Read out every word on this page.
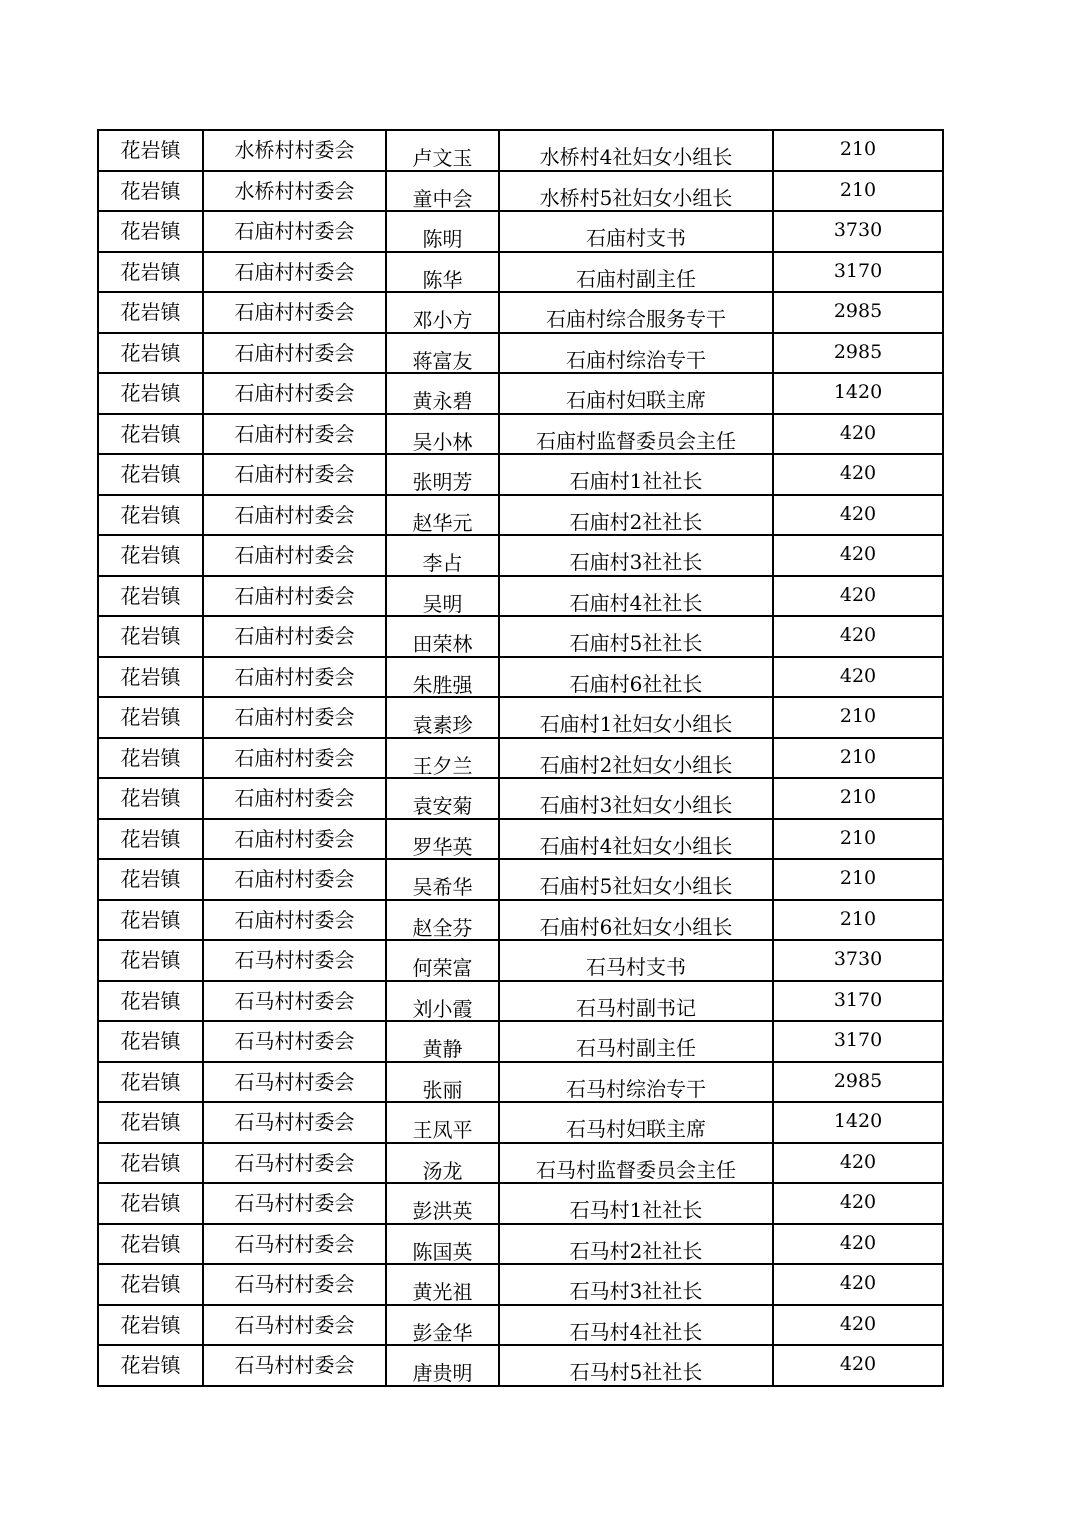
花岩镇	水桥村村委会	卢文玉	水桥村4社妇女小组长	210

花岩镇	水桥村村委会	童中会	水桥村5社妇女小组长	210

花岩镇	石庙村村委会	陈明	石庙村支书	3730

花岩镇	石庙村村委会	陈华	石庙村副主任	3170

花岩镇	石庙村村委会	邓小方	石庙村综合服务专干	2985

花岩镇	石庙村村委会	蒋富友	石庙村综治专干	2985

花岩镇	石庙村村委会	黄永碧	石庙村妇联主席	1420

花岩镇	石庙村村委会	吴小林	石庙村监督委员会主任	420

花岩镇	石庙村村委会	张明芳	石庙村1社社长	420

花岩镇	石庙村村委会	赵华元	石庙村2社社长	420

花岩镇	石庙村村委会	李占	石庙村3社社长	420

花岩镇	石庙村村委会	吴明	石庙村4社社长	420

花岩镇	石庙村村委会	田荣林	石庙村5社社长	420

花岩镇	石庙村村委会	朱胜强	石庙村6社社长	420

花岩镇	石庙村村委会	袁素珍	石庙村1社妇女小组长	210

花岩镇	石庙村村委会	王夕兰	石庙村2社妇女小组长	210

花岩镇	石庙村村委会	袁安菊	石庙村3社妇女小组长	210

花岩镇	石庙村村委会	罗华英	石庙村4社妇女小组长	210

花岩镇	石庙村村委会	吴希华	石庙村5社妇女小组长	210

花岩镇	石庙村村委会	赵全芬	石庙村6社妇女小组长	210

花岩镇	石马村村委会	何荣富	石马村支书	3730

花岩镇	石马村村委会	刘小霞	石马村副书记	3170

花岩镇	石马村村委会	黄静	石马村副主任	3170

花岩镇	石马村村委会	张丽	石马村综治专干	2985

花岩镇	石马村村委会	王凤平	石马村妇联主席	1420

花岩镇	石马村村委会	汤龙	石马村监督委员会主任	420

花岩镇	石马村村委会	彭洪英	石马村1社社长	420

花岩镇	石马村村委会	陈国英	石马村2社社长	420

花岩镇	石马村村委会	黄光祖	石马村3社社长	420

花岩镇	石马村村委会	彭金华	石马村4社社长	420

花岩镇	石马村村委会	唐贵明	石马村5社社长	420
